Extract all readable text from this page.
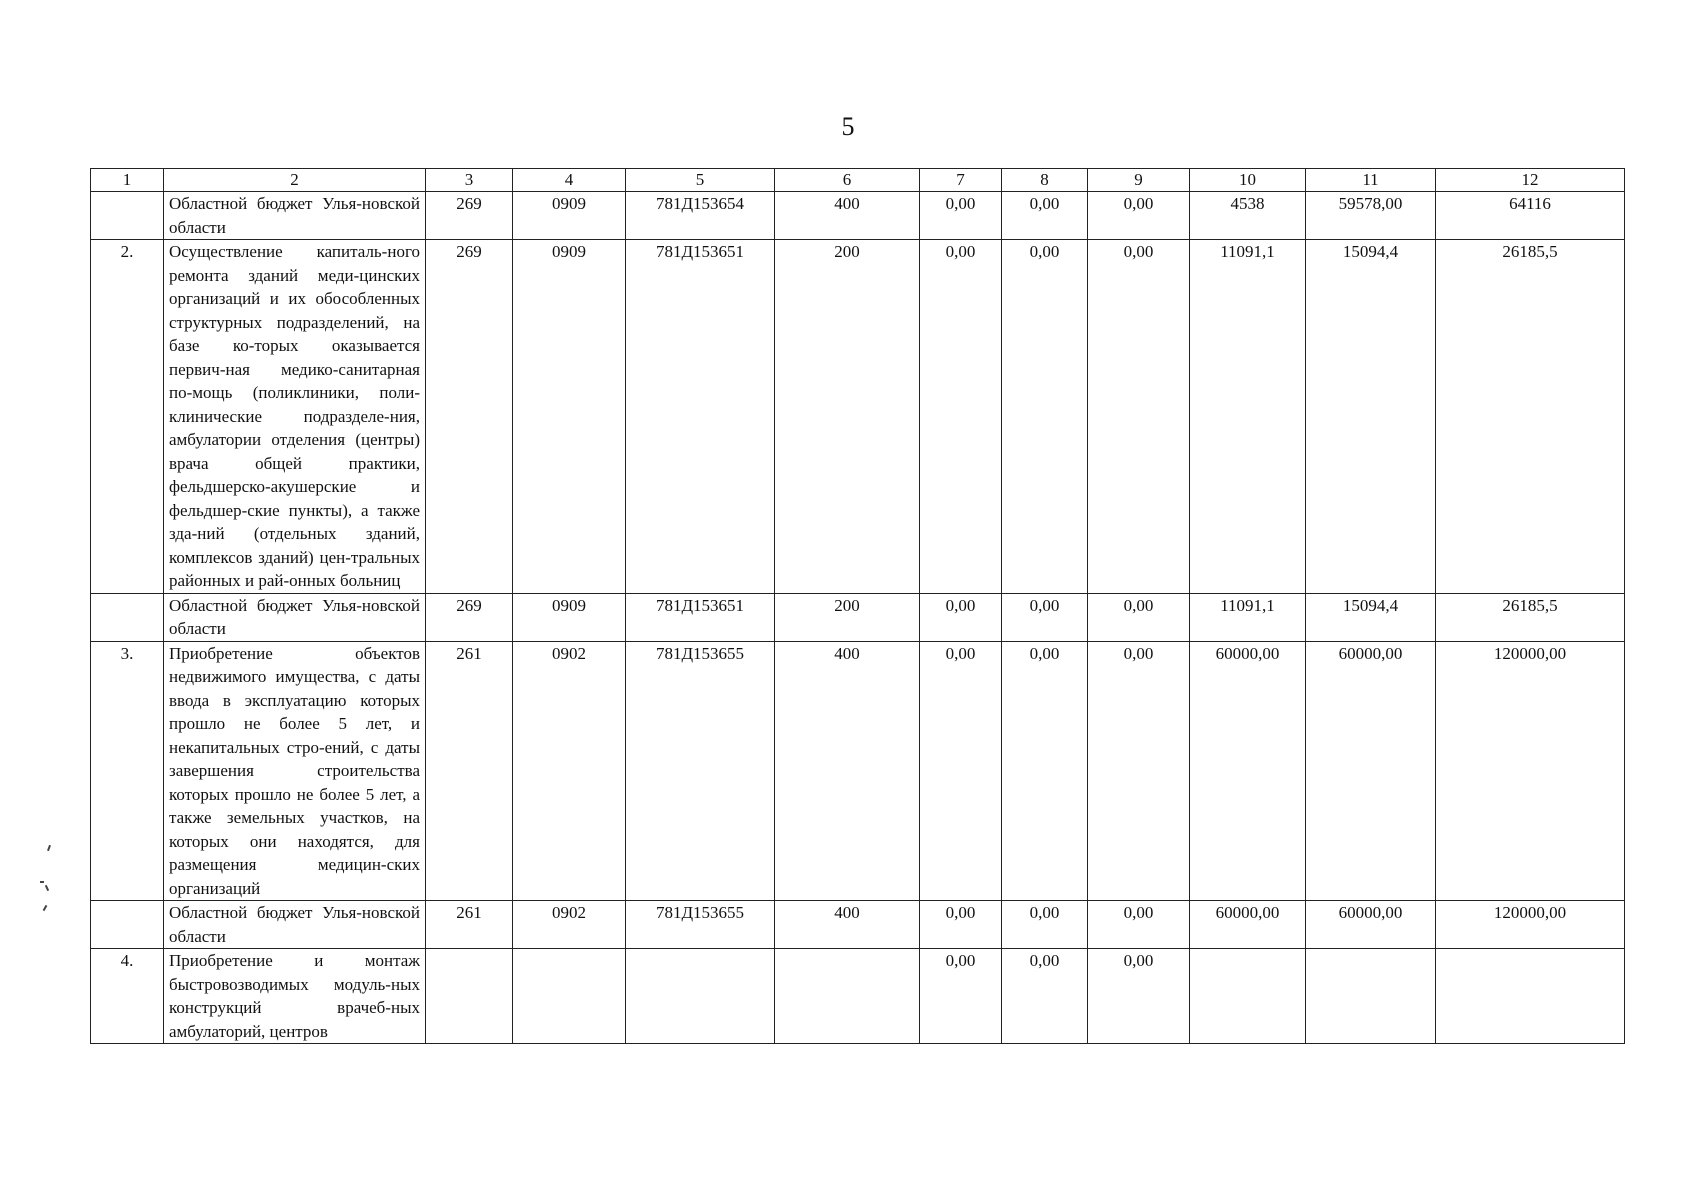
5
1	2	3	4	5	6	7	8	9	10	11	12
	Областной бюджет Улья-новской области	269	0909	781Д153654	400	0,00	0,00	0,00	4538	59578,00	64116
2.	Осуществление капиталь-ного ремонта зданий меди-цинских организаций и их обособленных структурных подразделений, на базе ко-торых оказывается первич-ная медико-санитарная по-мощь (поликлиники, поли-клинические подразделе-ния, амбулатории отделения (центры) врача общей практики, фельдшерско-акушерские и фельдшер-ские пункты), а также зда-ний (отдельных зданий, комплексов зданий) цен-тральных районных и рай-онных больниц	269	0909	781Д153651	200	0,00	0,00	0,00	11091,1	15094,4	26185,5
	Областной бюджет Улья-новской области	269	0909	781Д153651	200	0,00	0,00	0,00	11091,1	15094,4	26185,5
3.	Приобретение объектов недвижимого имущества, с даты ввода в эксплуатацию которых прошло не более 5 лет, и некапитальных стро-ений, с даты завершения строительства которых прошло не более 5 лет, а также земельных участков, на которых они находятся, для размещения медицин-ских организаций	261	0902	781Д153655	400	0,00	0,00	0,00	60000,00	60000,00	120000,00
	Областной бюджет Улья-новской области	261	0902	781Д153655	400	0,00	0,00	0,00	60000,00	60000,00	120000,00
4.	Приобретение и монтаж быстровозводимых модуль-ных конструкций врачеб-ных амбулаторий, центров					0,00	0,00	0,00			
